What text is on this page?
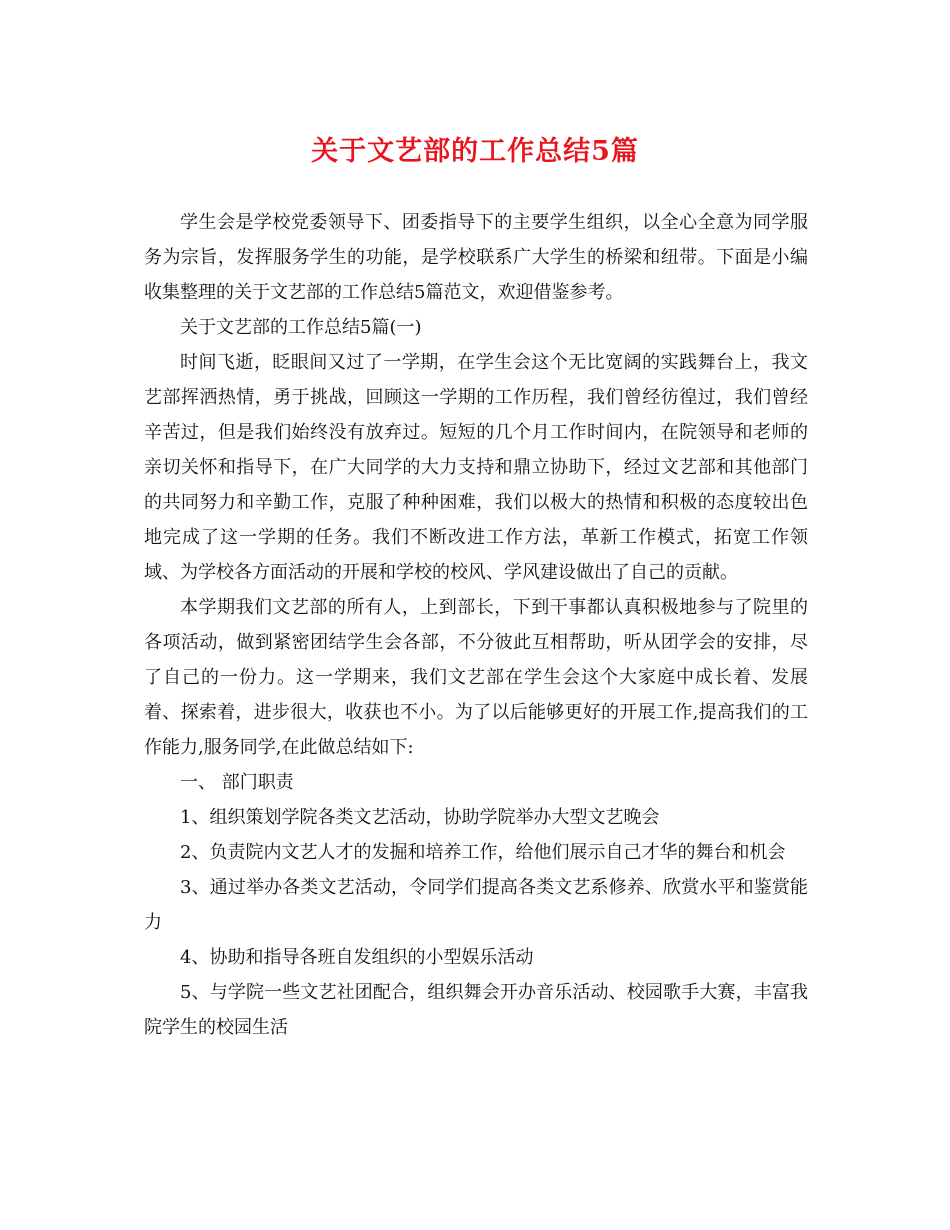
关于文艺部的工作总结5篇

学生会是学校党委领导下、团委指导下的主要学生组织，以全心全意为同学服务为宗旨，发挥服务学生的功能，是学校联系广大学生的桥梁和纽带。下面是小编收集整理的关于文艺部的工作总结5篇范文，欢迎借鉴参考。

关于文艺部的工作总结5篇(一)

时间飞逝，眨眼间又过了一学期，在学生会这个无比宽阔的实践舞台上，我文艺部挥洒热情，勇于挑战，回顾这一学期的工作历程，我们曾经彷徨过，我们曾经辛苦过，但是我们始终没有放弃过。短短的几个月工作时间内，在院领导和老师的亲切关怀和指导下，在广大同学的大力支持和鼎立协助下，经过文艺部和其他部门的共同努力和辛勤工作，克服了种种困难，我们以极大的热情和积极的态度较出色地完成了这一学期的任务。我们不断改进工作方法，革新工作模式，拓宽工作领域、为学校各方面活动的开展和学校的校风、学风建设做出了自己的贡献。

本学期我们文艺部的所有人，上到部长，下到干事都认真积极地参与了院里的各项活动，做到紧密团结学生会各部，不分彼此互相帮助，听从团学会的安排，尽了自己的一份力。这一学期来，我们文艺部在学生会这个大家庭中成长着、发展着、探索着，进步很大，收获也不小。为了以后能够更好的开展工作,提高我们的工作能力,服务同学,在此做总结如下:

一、 部门职责

1、组织策划学院各类文艺活动，协助学院举办大型文艺晚会

2、负责院内文艺人才的发掘和培养工作，给他们展示自己才华的舞台和机会

3、通过举办各类文艺活动，令同学们提高各类文艺系修养、欣赏水平和鉴赏能力

4、协助和指导各班自发组织的小型娱乐活动

5、与学院一些文艺社团配合，组织舞会开办音乐活动、校园歌手大赛，丰富我院学生的校园生活
